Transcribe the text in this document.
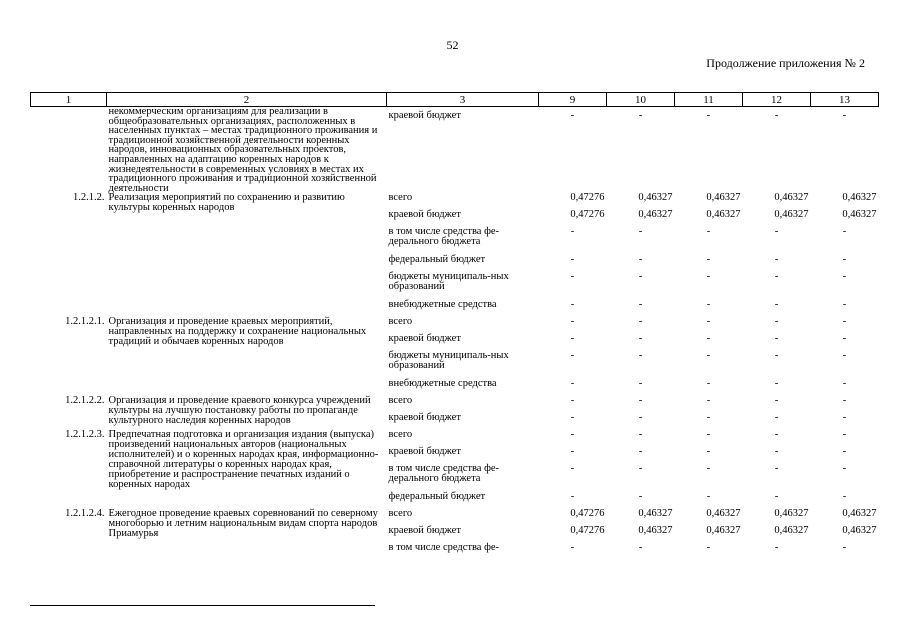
52
Продолжение приложения № 2
1	2	3	9	10	11	12	13
	некоммерческим организациям для реализации в общеобразовательных организациях, расположенных в населенных пунктах – местах традиционного проживания и традиционной хозяйственной деятельности коренных народов, инновационных образовательных проектов, направленных на адаптацию коренных народов к жизнедеятельности в современных условиях в местах их традиционного проживания и традиционной хозяйственной деятельности	краевой бюджет	-	-	-	-	-
1.2.1.2.	Реализация мероприятий по сохранению и развитию культуры коренных народов	всего	0,47276	0,46327	0,46327	0,46327	0,46327
		краевой бюджет	0,47276	0,46327	0,46327	0,46327	0,46327
		в том числе средства фе-дерального бюджета	-	-	-	-	-
		федеральный бюджет	-	-	-	-	-
		бюджеты муниципаль-ных образований	-	-	-	-	-
		внебюджетные средства	-	-	-	-	-
1.2.1.2.1.	Организация и проведение краевых мероприятий, направленных на поддержку и сохранение национальных традиций и обычаев коренных народов	всего	-	-	-	-	-
		краевой бюджет	-	-	-	-	-
		бюджеты муниципаль-ных образований	-	-	-	-	-
		внебюджетные средства	-	-	-	-	-
1.2.1.2.2.	Организация и проведение краевого конкурса учреждений культуры на лучшую постановку работы по пропаганде культурного наследия коренных народов	всего	-	-	-	-	-
		краевой бюджет	-	-	-	-	-
1.2.1.2.3.	Предпечатная подготовка и организация издания (выпуска) произведений национальных авторов (национальных исполнителей) и о коренных народах края, информационно-справочной литературы о коренных народах края, приобретение и распространение печатных изданий о коренных народах	всего	-	-	-	-	-
		краевой бюджет	-	-	-	-	-
		в том числе средства фе-дерального бюджета	-	-	-	-	-
		федеральный бюджет	-	-	-	-	-
1.2.1.2.4.	Ежегодное проведение краевых соревнований по северному многоборью и летним национальным видам спорта народов Приамурья	всего	0,47276	0,46327	0,46327	0,46327	0,46327
		краевой бюджет	0,47276	0,46327	0,46327	0,46327	0,46327
		в том числе средства фе-	-	-	-	-	-
